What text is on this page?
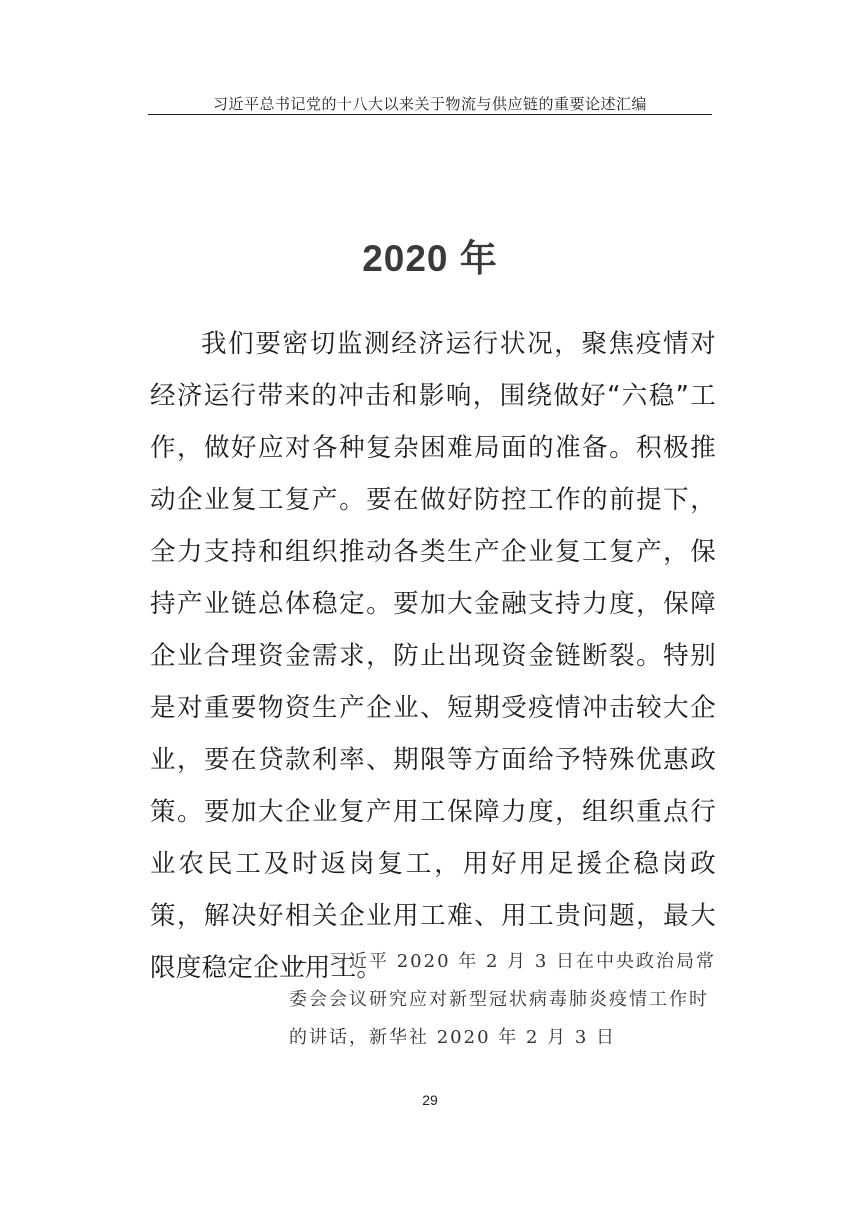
习近平总书记党的十八大以来关于物流与供应链的重要论述汇编
2020 年

我们要密切监测经济运行状况，聚焦疫情对经济运行带来的冲击和影响，围绕做好“六稳”工作，做好应对各种复杂困难局面的准备。积极推动企业复工复产。要在做好防控工作的前提下，全力支持和组织推动各类生产企业复工复产，保持产业链总体稳定。要加大金融支持力度，保障企业合理资金需求，防止出现资金链断裂。特别是对重要物资生产企业、短期受疫情冲击较大企业，要在贷款利率、期限等方面给予特殊优惠政策。要加大企业复产用工保障力度，组织重点行业农民工及时返岗复工，用好用足援企稳岗政策，解决好相关企业用工难、用工贵问题，最大限度稳定企业用工。

——习近平 2020 年 2 月 3 日在中央政治局常委会会议研究应对新型冠状病毒肺炎疫情工作时的讲话，新华社 2020 年 2 月 3 日

29
